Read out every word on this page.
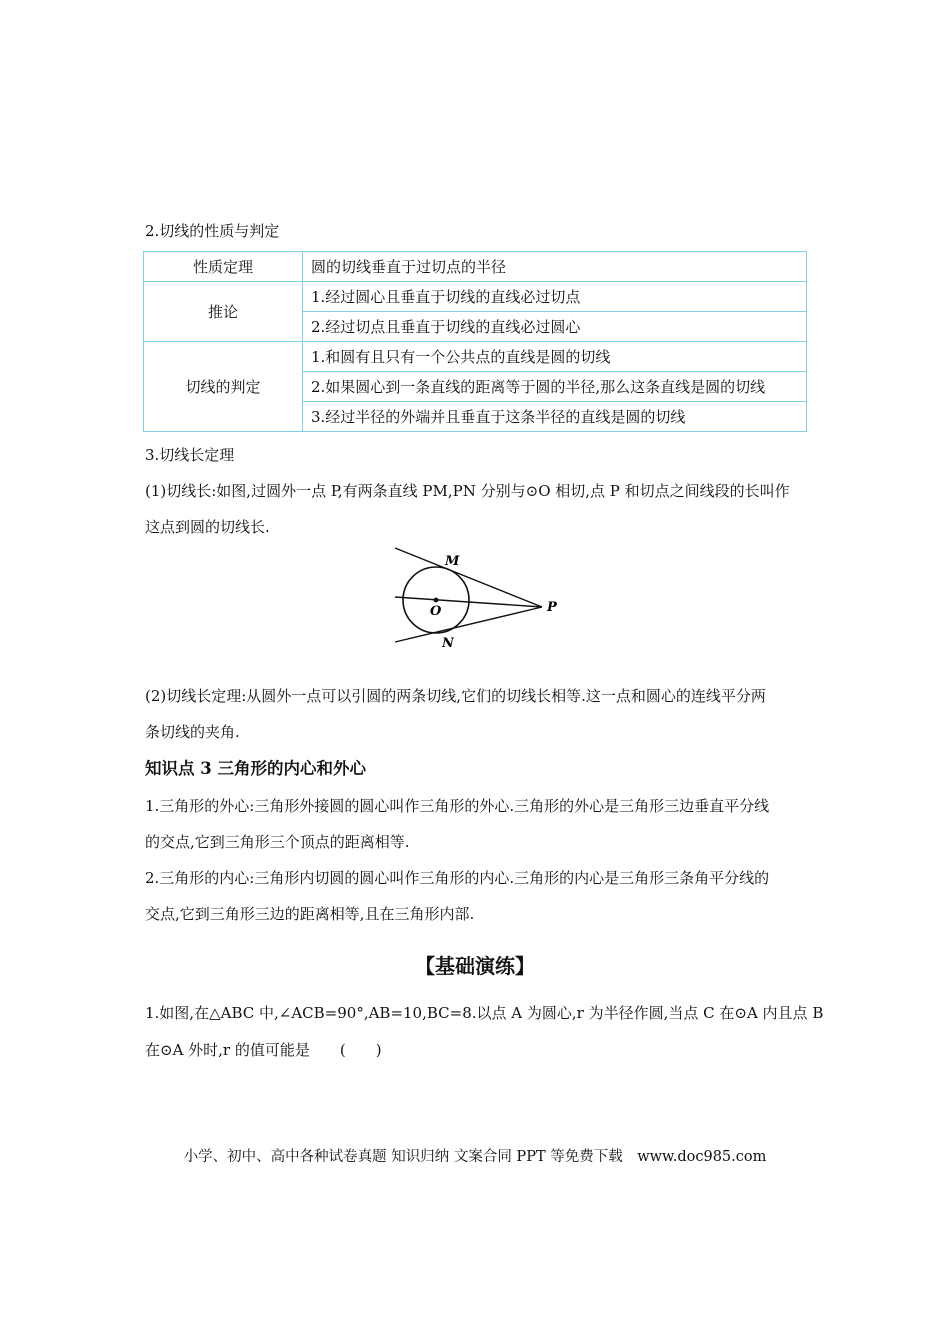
2.切线的性质与判定
性质定理	圆的切线垂直于过切点的半径
推论	1.经过圆心且垂直于切线的直线必过切点
	2.经过切点且垂直于切线的直线必过圆心
切线的判定	1.和圆有且只有一个公共点的直线是圆的切线
	2.如果圆心到一条直线的距离等于圆的半径,那么这条直线是圆的切线
	3.经过半径的外端并且垂直于这条半径的直线是圆的切线
3.切线长定理
(1)切线长:如图,过圆外一点 P,有两条直线 PM,PN 分别与⊙O 相切,点 P 和切点之间线段的长叫作
这点到圆的切线长.
M
O	P
N
(2)切线长定理:从圆外一点可以引圆的两条切线,它们的切线长相等.这一点和圆心的连线平分两
条切线的夹角.
知识点 3 三角形的内心和外心
1.三角形的外心:三角形外接圆的圆心叫作三角形的外心.三角形的外心是三角形三边垂直平分线
的交点,它到三角形三个顶点的距离相等.
2.三角形的内心:三角形内切圆的圆心叫作三角形的内心.三角形的内心是三角形三条角平分线的
交点,它到三角形三边的距离相等,且在三角形内部.
【基础演练】
1.如图,在△ABC 中,∠ACB=90°,AB=10,BC=8.以点 A 为圆心,r 为半径作圆,当点 C 在⊙A 内且点 B
在⊙A 外时,r 的值可能是　　(　　)
小学、初中、高中各种试卷真题 知识归纳 文案合同 PPT 等免费下载　www.doc985.com
